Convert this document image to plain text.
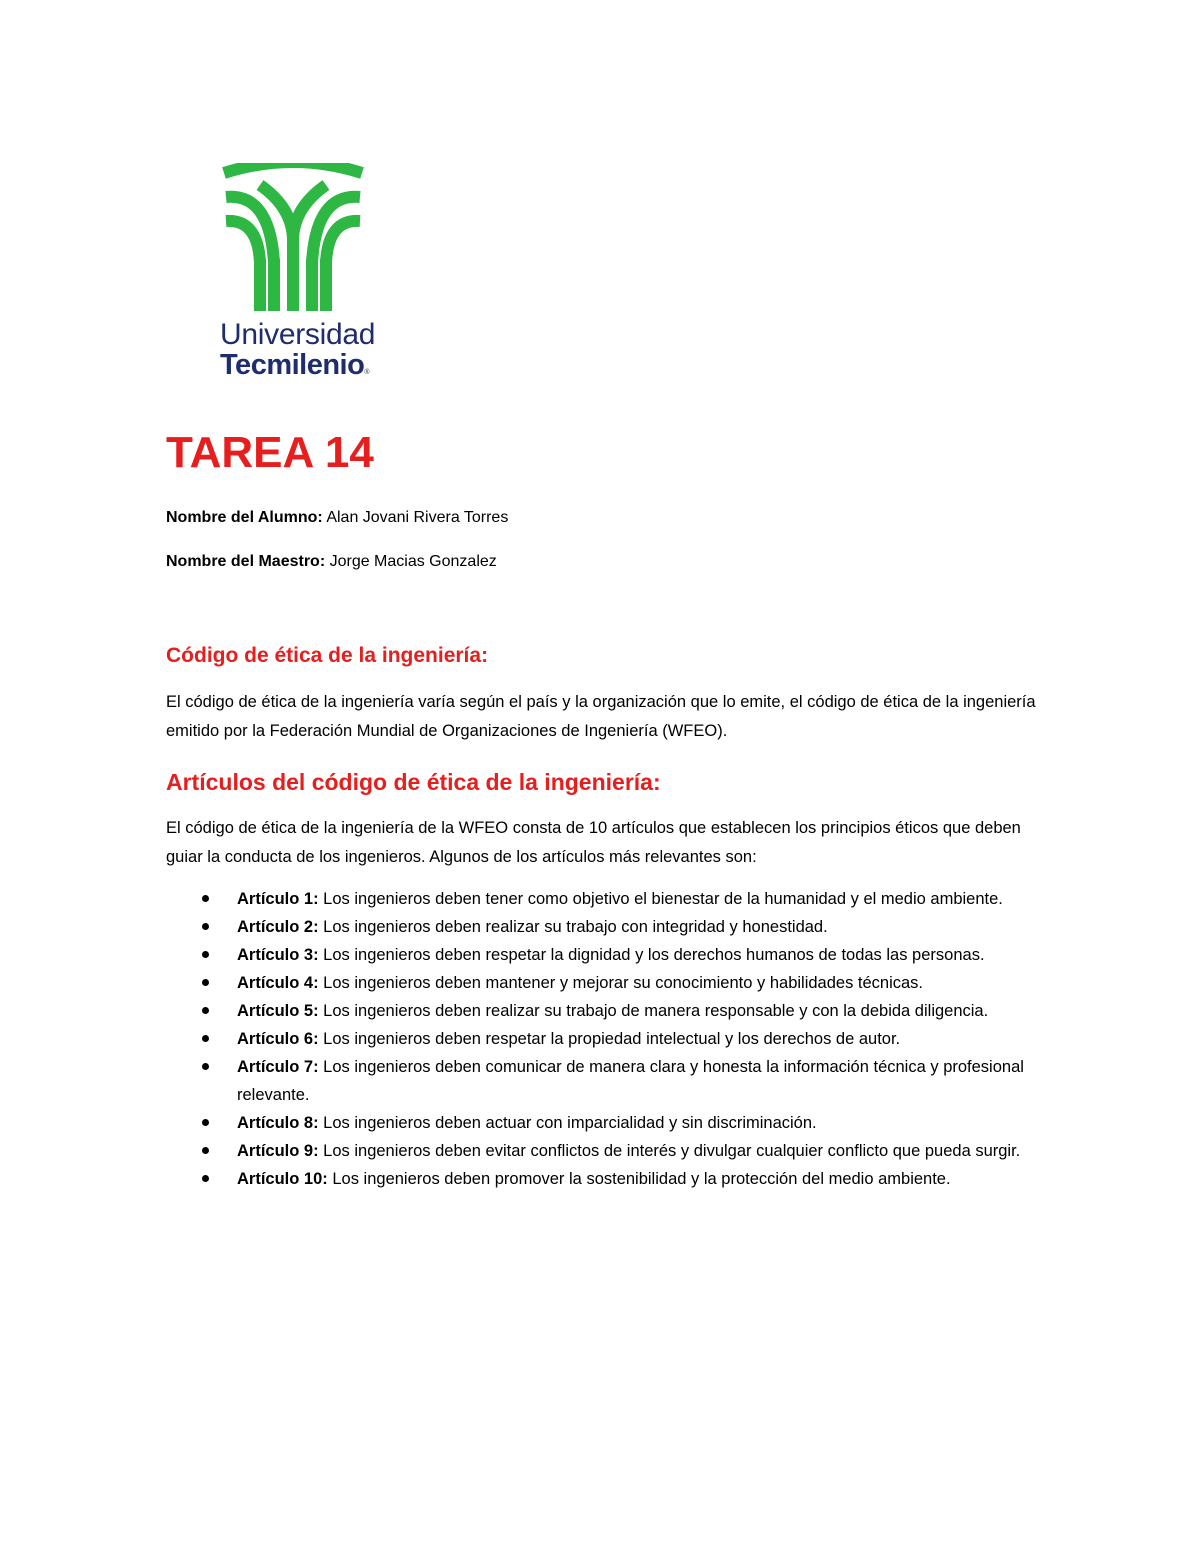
Universidad

Tecmilenio®

TAREA 14

Nombre del Alumno: Alan Jovani Rivera Torres

Nombre del Maestro: Jorge Macias Gonzalez

Código de ética de la ingeniería:

El código de ética de la ingeniería varía según el país y la organización que lo emite, el código de ética de la ingeniería emitido por la Federación Mundial de Organizaciones de Ingeniería (WFEO).

Artículos del código de ética de la ingeniería:

El código de ética de la ingeniería de la WFEO consta de 10 artículos que establecen los principios éticos que deben guiar la conducta de los ingenieros. Algunos de los artículos más relevantes son:

Artículo 1: Los ingenieros deben tener como objetivo el bienestar de la humanidad y el medio ambiente.
Artículo 2: Los ingenieros deben realizar su trabajo con integridad y honestidad.
Artículo 3: Los ingenieros deben respetar la dignidad y los derechos humanos de todas las personas.
Artículo 4: Los ingenieros deben mantener y mejorar su conocimiento y habilidades técnicas.
Artículo 5: Los ingenieros deben realizar su trabajo de manera responsable y con la debida diligencia.
Artículo 6: Los ingenieros deben respetar la propiedad intelectual y los derechos de autor.
Artículo 7: Los ingenieros deben comunicar de manera clara y honesta la información técnica y profesional relevante.
Artículo 8: Los ingenieros deben actuar con imparcialidad y sin discriminación.
Artículo 9: Los ingenieros deben evitar conflictos de interés y divulgar cualquier conflicto que pueda surgir.
Artículo 10: Los ingenieros deben promover la sostenibilidad y la protección del medio ambiente.
